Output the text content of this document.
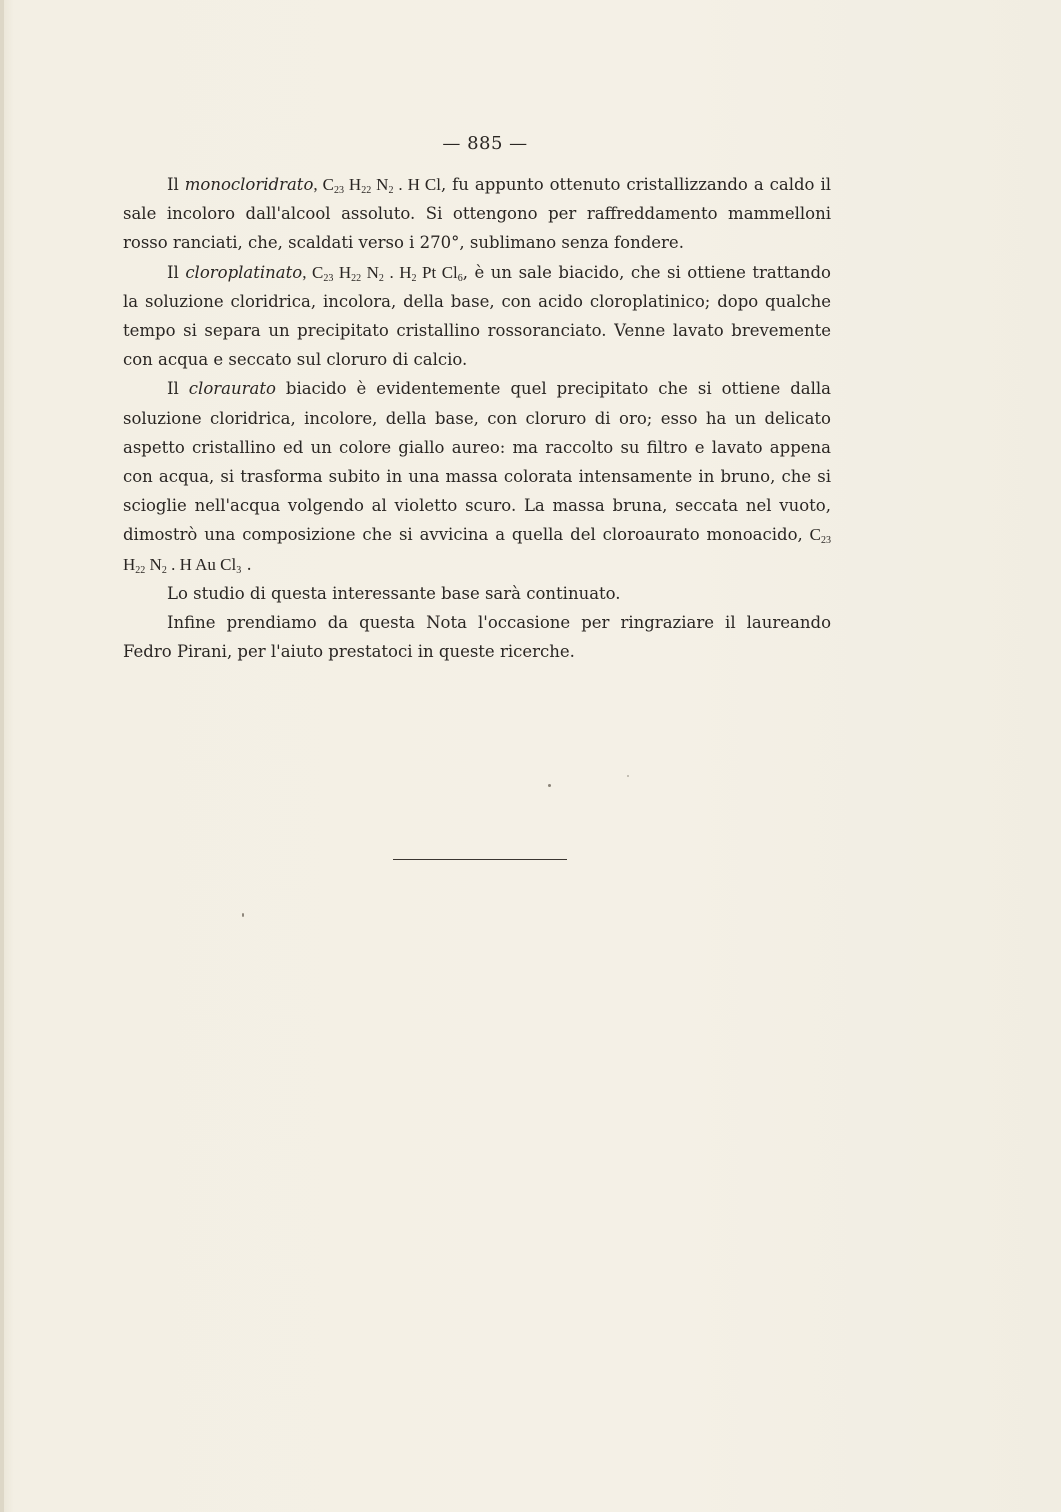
— 885 —

Il monocloridrato, $C_{23}$ $H_{22}$ $N_2$ . H Cl, fu appunto ottenuto cristallizzando a caldo il sale incoloro dall'alcool assoluto. Si ottengono per raffreddamento mammelloni rosso ranciati, che, scaldati verso i 270°, sublimano senza fondere.

Il cloroplatinato, $C_{23}$ $H_{22}$ $N_2$ . $H_2$ Pt $Cl_6$, è un sale biacido, che si ottiene trattando la soluzione cloridrica, incolora, della base, con acido cloroplatinico; dopo qualche tempo si separa un precipitato cristallino rossoranciato. Venne lavato brevemente con acqua e seccato sul cloruro di calcio.

Il cloraurato biacido è evidentemente quel precipitato che si ottiene dalla soluzione cloridrica, incolore, della base, con cloruro di oro; esso ha un delicato aspetto cristallino ed un colore giallo aureo: ma raccolto su filtro e lavato appena con acqua, si trasforma subito in una massa colorata intensamente in bruno, che si scioglie nell'acqua volgendo al violetto scuro. La massa bruna, seccata nel vuoto, dimostrò una composizione che si avvicina a quella del cloroaurato monoacido, $C_{23}$ $H_{22}$ $N_2$ . H Au $Cl_3$ .

Lo studio di questa interessante base sarà continuato.

Infine prendiamo da questa Nota l'occasione per ringraziare il laureando Fedro Pirani, per l'aiuto prestatoci in queste ricerche.
